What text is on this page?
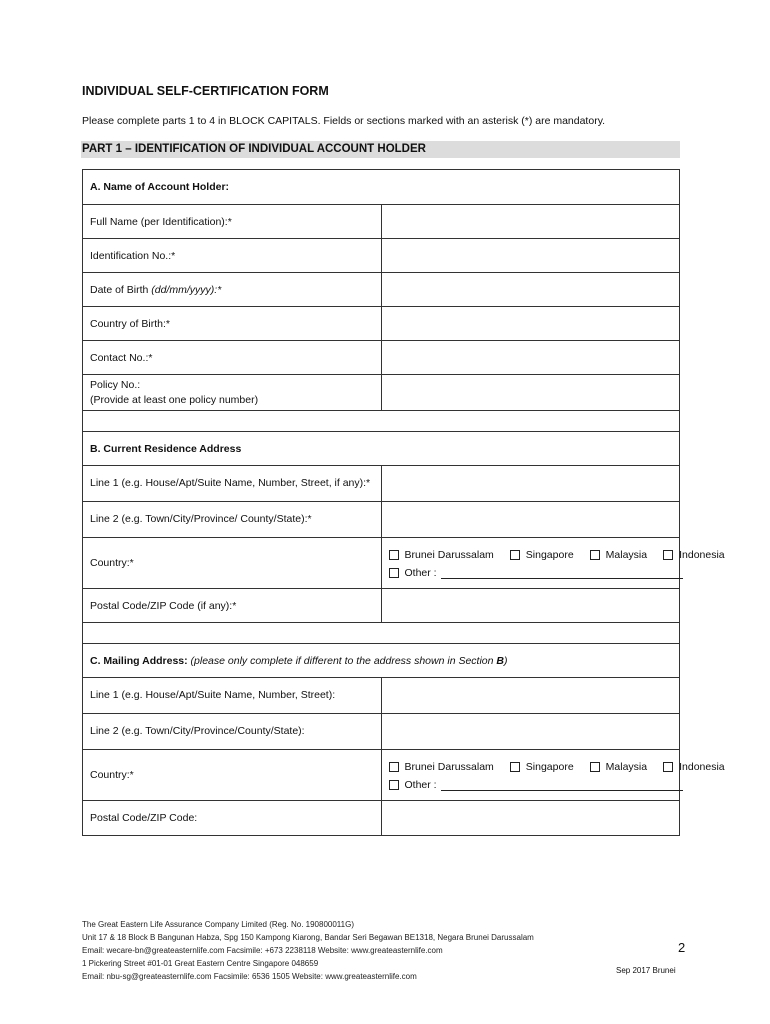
INDIVIDUAL SELF-CERTIFICATION FORM
Please complete parts 1 to 4 in BLOCK CAPITALS. Fields or sections marked with an asterisk (*) are mandatory.
PART 1 – IDENTIFICATION OF INDIVIDUAL ACCOUNT HOLDER
A. Name of Account Holder:	
Full Name (per Identification):*	
Identification No.:*	
Date of Birth (dd/mm/yyyy):*	
Country of Birth:*	
Contact No.:*	

Policy No.:
(Provide at least one policy number)	

B. Current Residence Address	
Line 1 (e.g. House/Apt/Suite Name, Number, Street, if any):*	
Line 2 (e.g. Town/City/Province/ County/State):*	
Country:*	Brunei Darussalam Singapore Malaysia Indonesia
Other :

Postal Code/ZIP Code (if any):*	

C. Mailing Address: (please only complete if different to the address shown in Section B)	
Line 1 (e.g. House/Apt/Suite Name, Number, Street):	
Line 2 (e.g. Town/City/Province/County/State):	
Country:*	Brunei Darussalam Singapore Malaysia Indonesia
Other :

Postal Code/ZIP Code:	
The Great Eastern Life Assurance Company Limited (Reg. No. 190800011G)
Unit 17 & 18 Block B Bangunan Habza, Spg 150 Kampong Kiarong, Bandar Seri Begawan BE1318, Negara Brunei Darussalam
Email: wecare-bn@greateasternlife.com Facsimile: +673 2238118 Website: www.greateasternlife.com
1 Pickering Street #01-01 Great Eastern Centre Singapore 048659
Email: nbu-sg@greateasternlife.com Facsimile: 6536 1505 Website: www.greateasternlife.com
2
Sep 2017 Brunei
